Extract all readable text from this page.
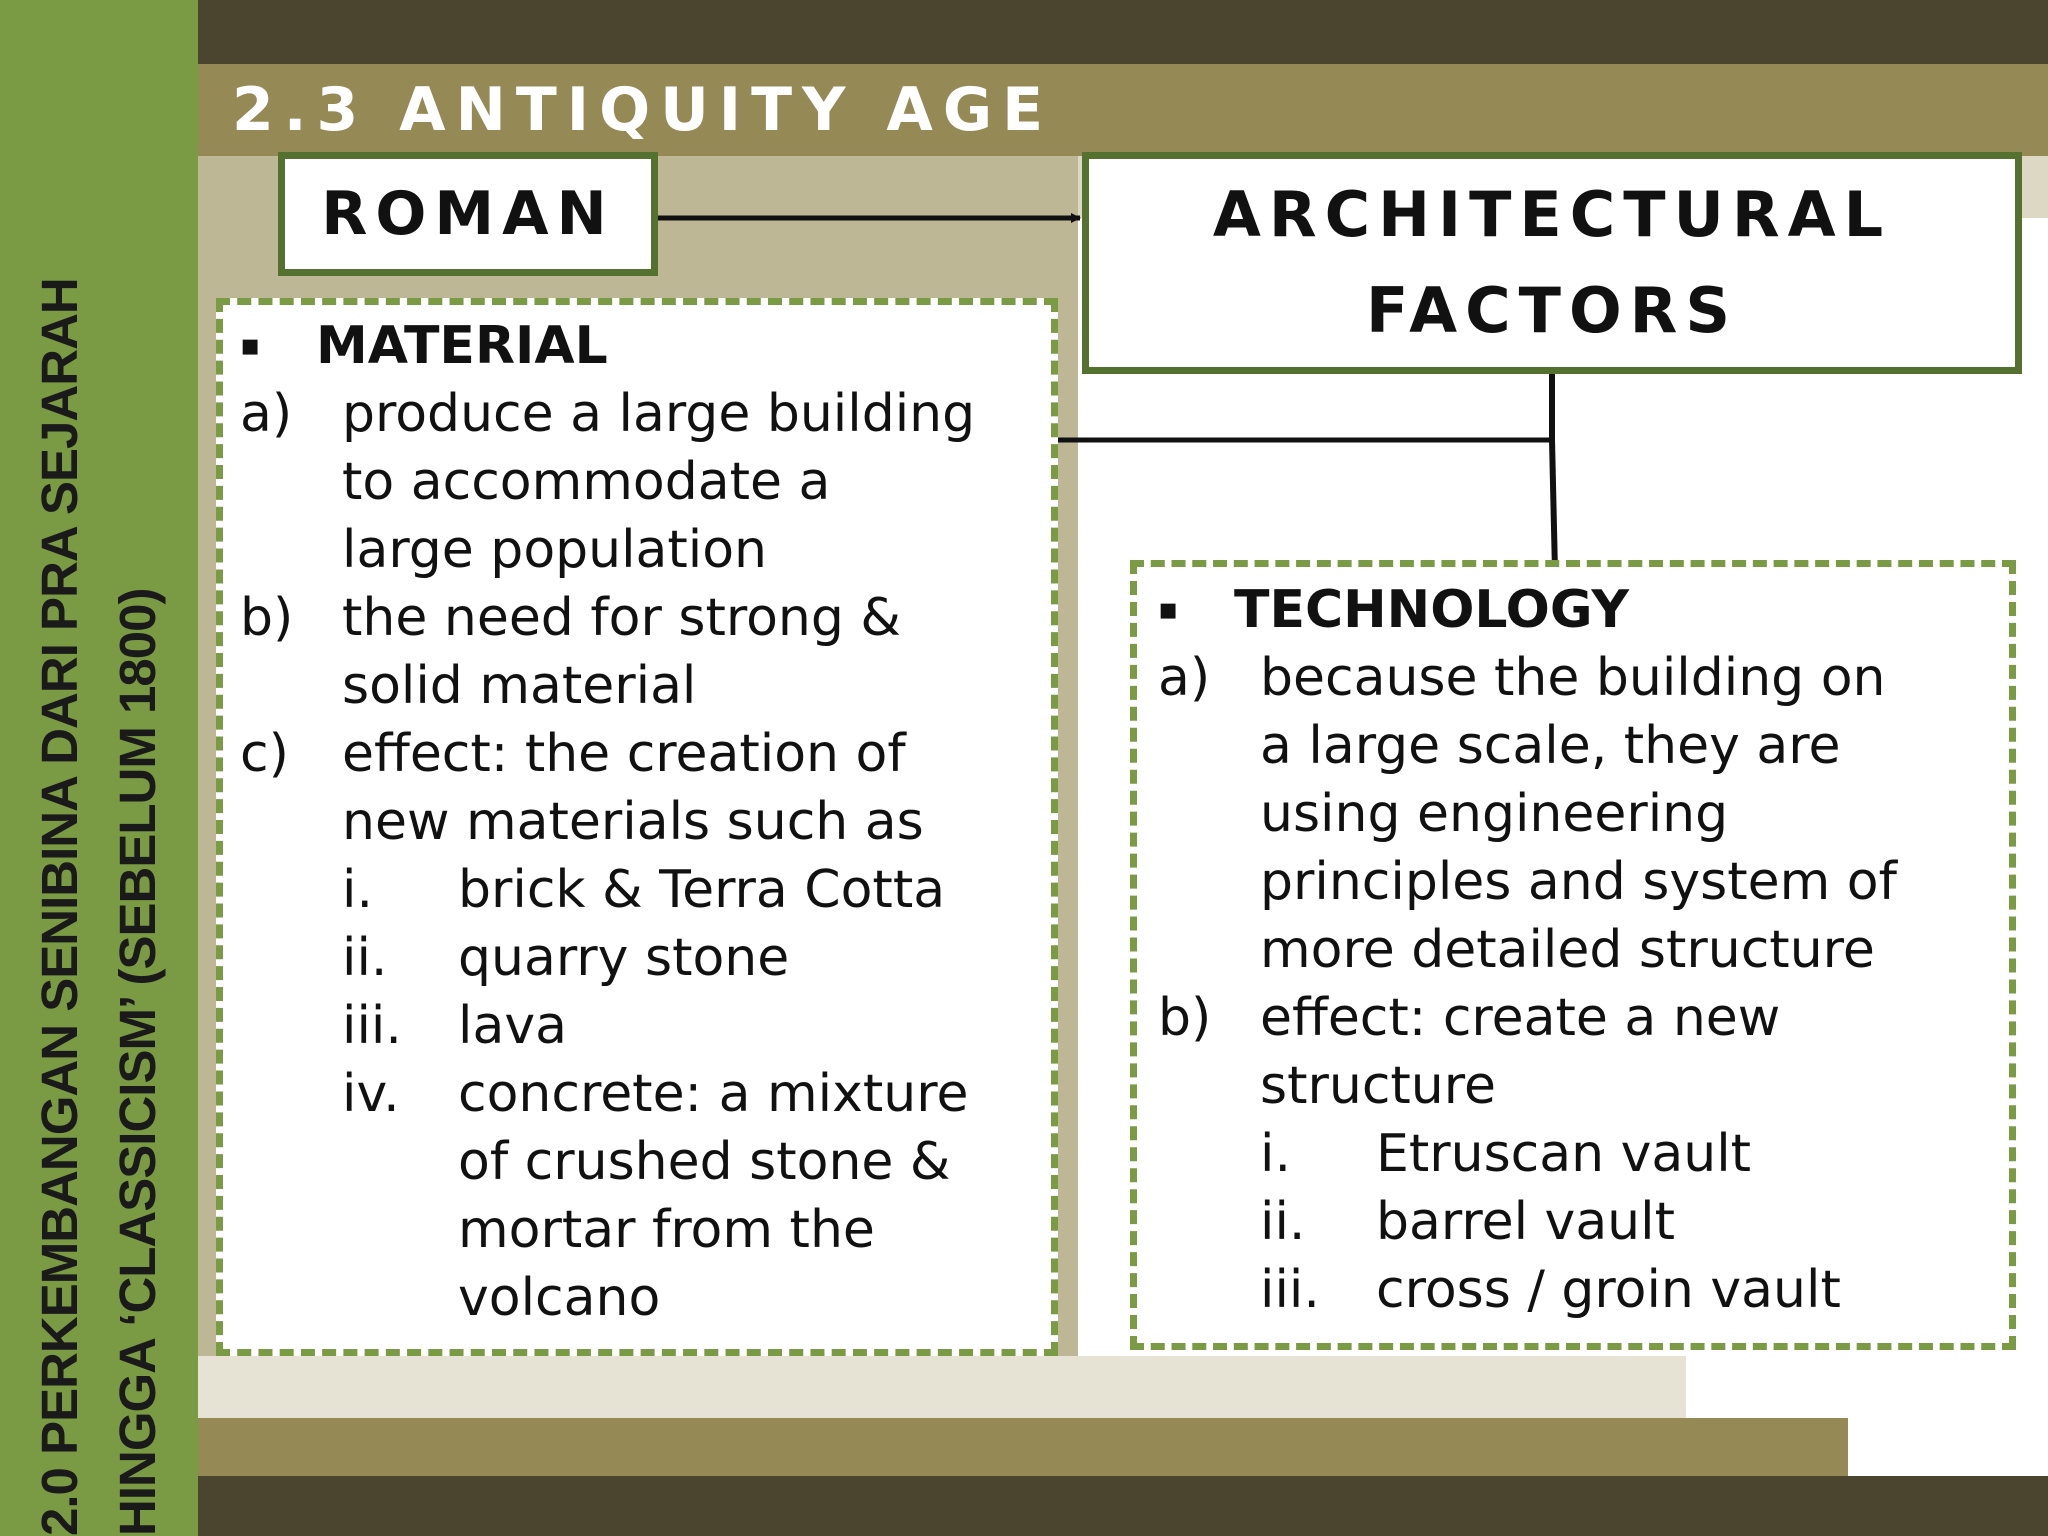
2.0 PERKEMBANGAN SENIBINA DARI PRA SEJARAH HINGGA ‘CLASSICISM’ (SEBELUM 1800)
2.3 ANTIQUITY AGE
ROMAN	ARCHITECTURAL
FACTORS
▪ MATERIAL
a) produce a large building
to accommodate a
large population
b) the need for strong &
solid material
c) effect: the creation of
new materials such as
i. brick & Terra Cotta
ii. quarry stone
iii. lava
iv. concrete: a mixture
of crushed stone &
mortar from the
volcano
▪ TECHNOLOGY
a) because the building on
a large scale, they are
using engineering
principles and system of
more detailed structure
b) effect: create a new
structure
i. Etruscan vault
ii. barrel vault
iii. cross / groin vault
